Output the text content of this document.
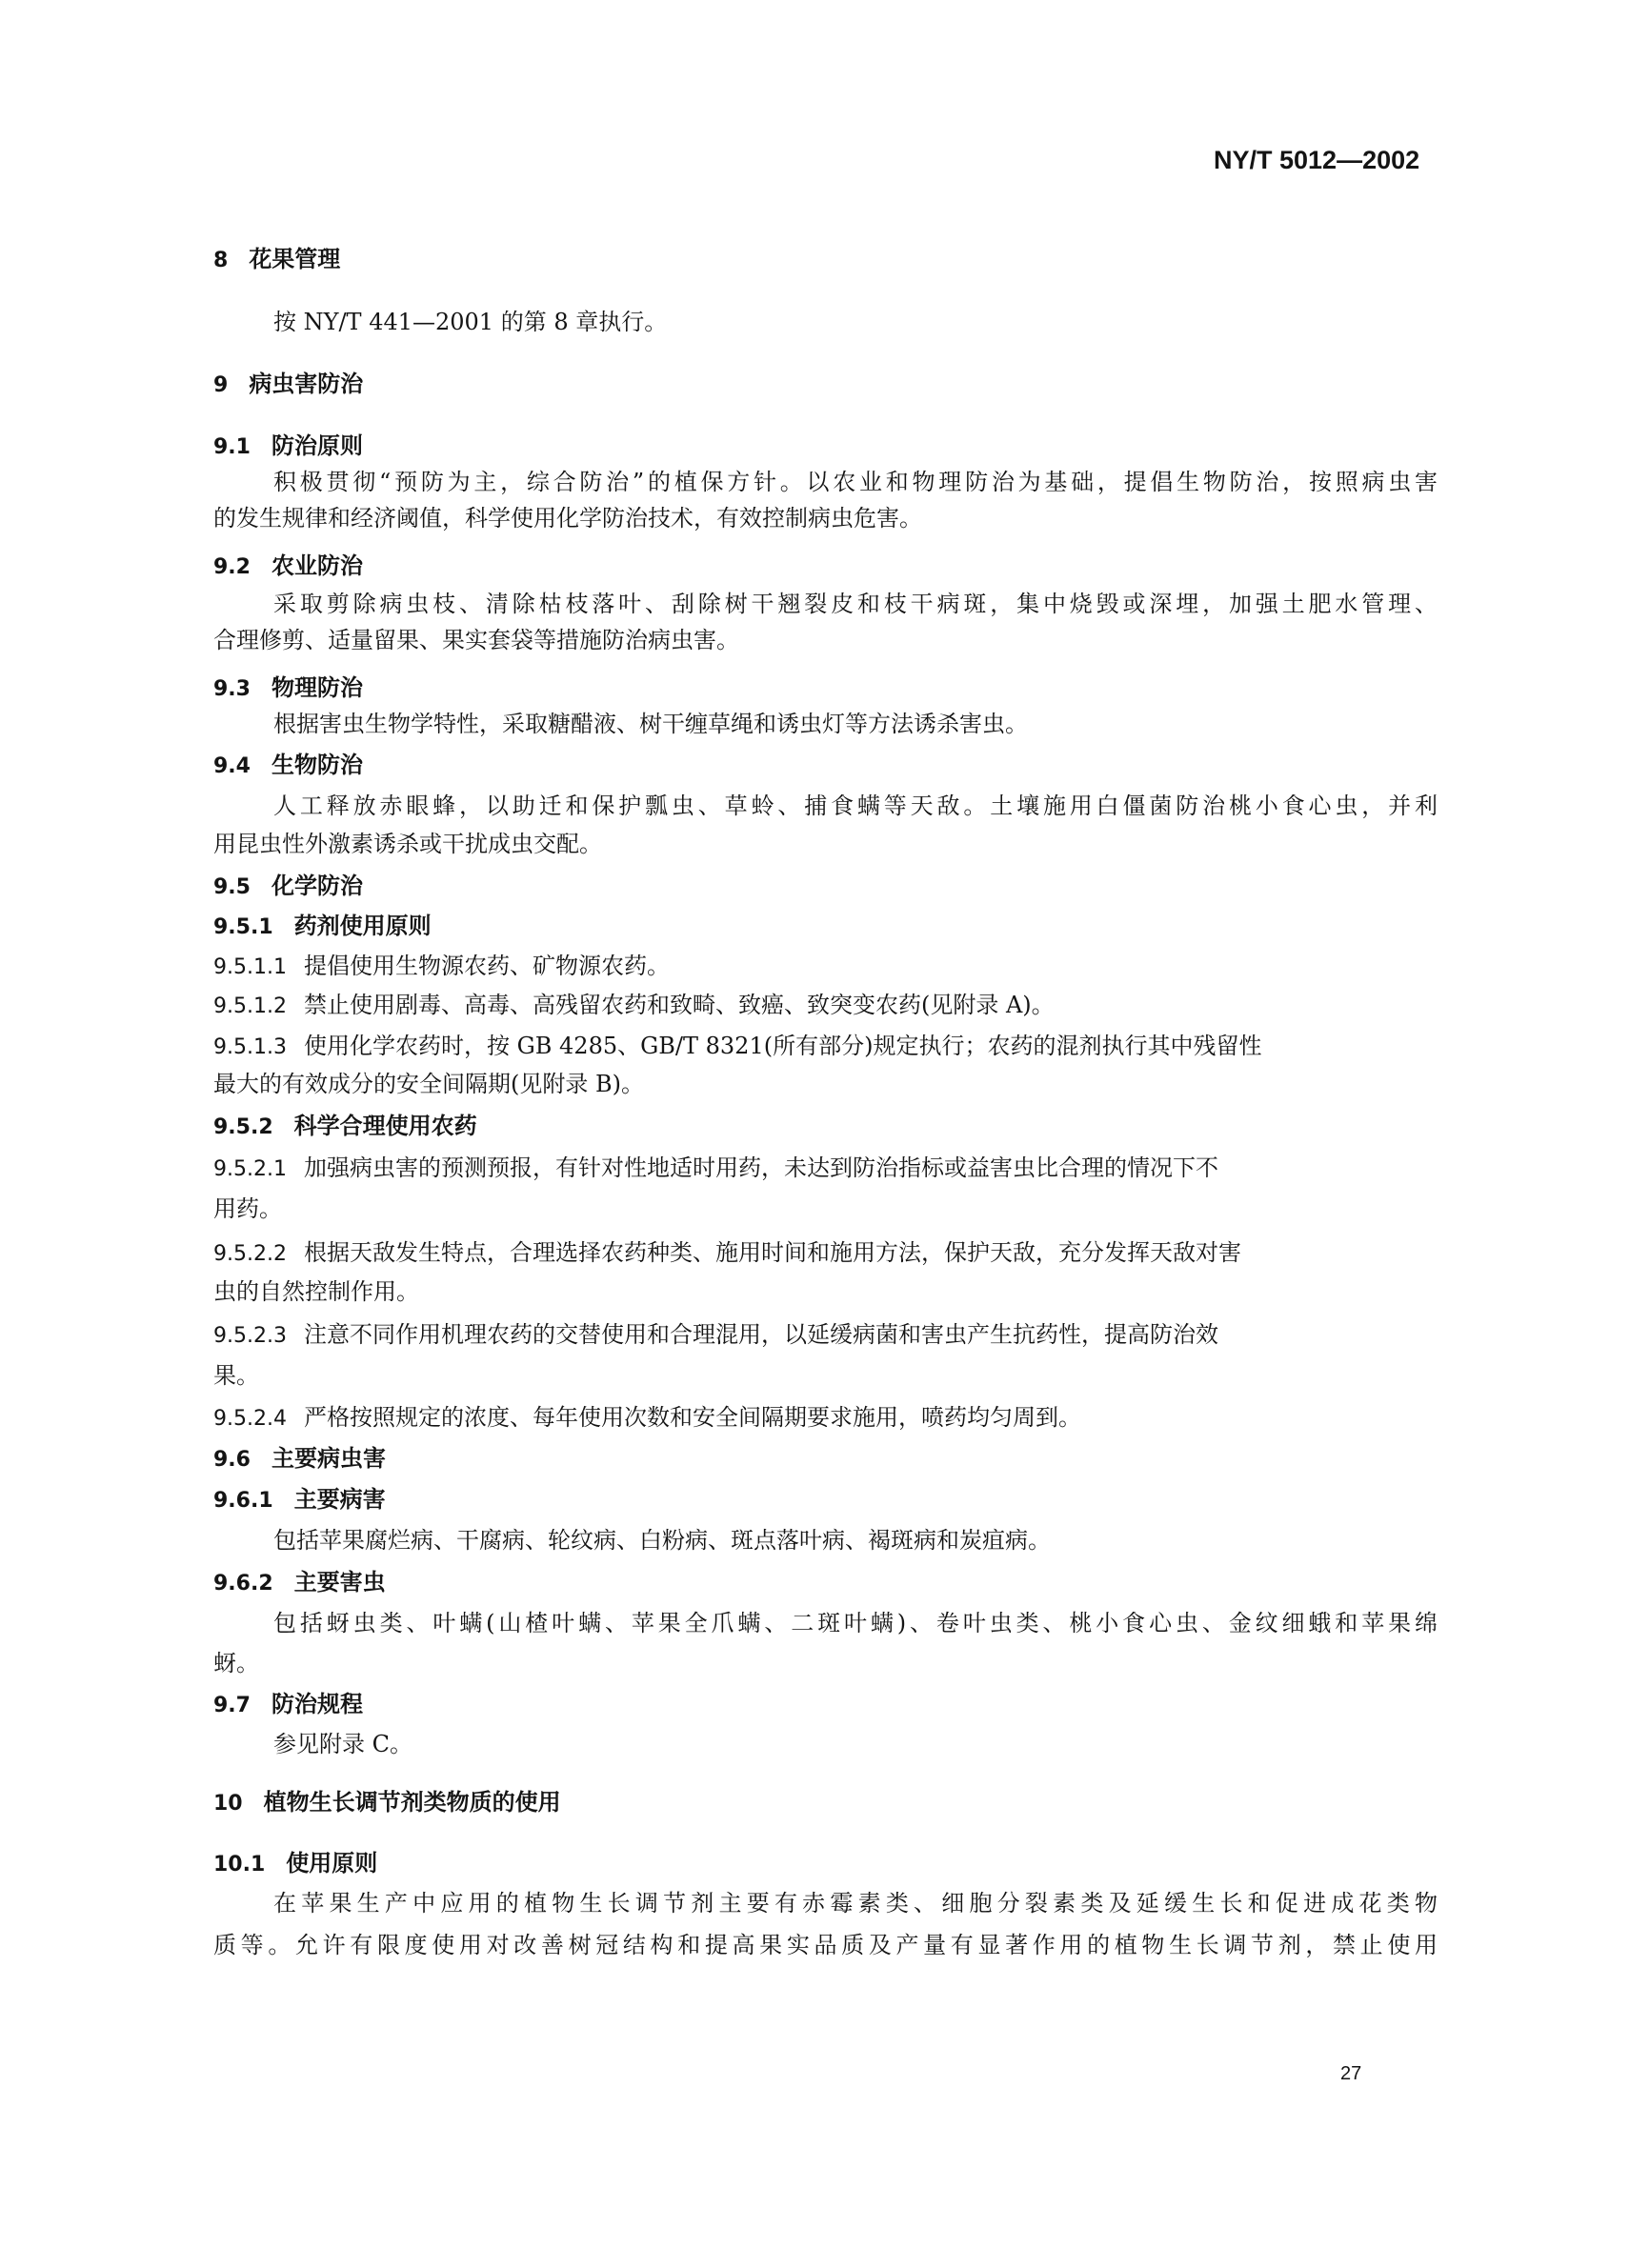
NY/T 5012—2002
8 花果管理
按 NY/T 441—2001 的第 8 章执行。
9 病虫害防治
9.1 防治原则
积极贯彻“预防为主，综合防治”的植保方针。以农业和物理防治为基础，提倡生物防治，按照病虫害
的发生规律和经济阈值，科学使用化学防治技术，有效控制病虫危害。
9.2 农业防治
采取剪除病虫枝、清除枯枝落叶、刮除树干翘裂皮和枝干病斑，集中烧毁或深埋，加强土肥水管理、
合理修剪、适量留果、果实套袋等措施防治病虫害。
9.3 物理防治
根据害虫生物学特性，采取糖醋液、树干缠草绳和诱虫灯等方法诱杀害虫。
9.4 生物防治
人工释放赤眼蜂，以助迁和保护瓢虫、草蛉、捕食螨等天敌。土壤施用白僵菌防治桃小食心虫，并利
用昆虫性外激素诱杀或干扰成虫交配。
9.5 化学防治
9.5.1 药剂使用原则
9.5.1.1 提倡使用生物源农药、矿物源农药。
9.5.1.2 禁止使用剧毒、高毒、高残留农药和致畸、致癌、致突变农药(见附录 A)。
9.5.1.3 使用化学农药时，按 GB 4285、GB/T 8321(所有部分)规定执行；农药的混剂执行其中残留性
最大的有效成分的安全间隔期(见附录 B)。
9.5.2 科学合理使用农药
9.5.2.1 加强病虫害的预测预报，有针对性地适时用药，未达到防治指标或益害虫比合理的情况下不
用药。
9.5.2.2 根据天敌发生特点，合理选择农药种类、施用时间和施用方法，保护天敌，充分发挥天敌对害
虫的自然控制作用。
9.5.2.3 注意不同作用机理农药的交替使用和合理混用，以延缓病菌和害虫产生抗药性，提高防治效
果。
9.5.2.4 严格按照规定的浓度、每年使用次数和安全间隔期要求施用，喷药均匀周到。
9.6 主要病虫害
9.6.1 主要病害
包括苹果腐烂病、干腐病、轮纹病、白粉病、斑点落叶病、褐斑病和炭疽病。
9.6.2 主要害虫
包括蚜虫类、叶螨(山楂叶螨、苹果全爪螨、二斑叶螨)、卷叶虫类、桃小食心虫、金纹细蛾和苹果绵
蚜。
9.7 防治规程
参见附录 C。
10 植物生长调节剂类物质的使用
10.1 使用原则
在苹果生产中应用的植物生长调节剂主要有赤霉素类、细胞分裂素类及延缓生长和促进成花类物
质等。允许有限度使用对改善树冠结构和提高果实品质及产量有显著作用的植物生长调节剂，禁止使用
27
